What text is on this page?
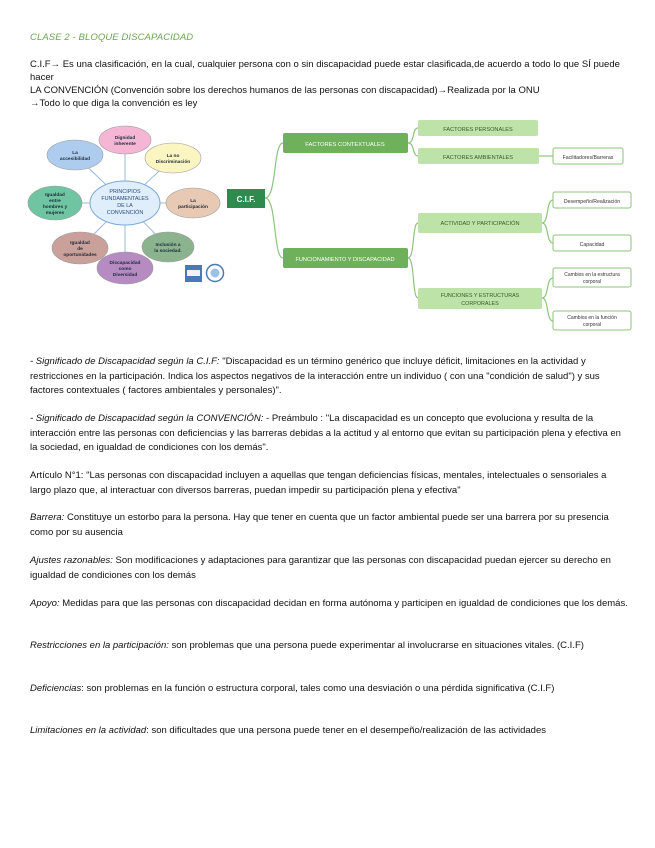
CLASE 2 - BLOQUE DISCAPACIDAD
C.I.F→ Es una clasificación, en la cual, cualquier persona con o sin discapacidad puede estar clasificada,de acuerdo a todo lo que SÍ puede hacer
LA CONVENCIÓN (Convención sobre los derechos humanos de las personas con discapacidad)→Realizada por la ONU
→Todo lo que diga la convención es ley
Dignidad
inherente
La no
Discriminación
La
participación
Inclusión a
la sociedad.
Discapacidad
como
Diversidad
Igualdad
de
oportunidades
Igualdad
entre
hombres y
mujeres
La
accesibilidad
PRINCIPIOS
FUNDAMENTALES
DE LA
CONVENCIÓN
C.I.F.
FACTORES CONTEXTUALES
FACTORES PERSONALES
FACTORES AMBIENTALES	Facilitadores/Barreras
FUNCIONAMIENTO Y DISCAPACIDAD
ACTIVIDAD Y PARTICIPACIÓN
Desempeño/Realización
Capacidad
FUNCIONES Y ESTRUCTURAS
CORPORALES
Cambios en la estructura
corporal
Cambios en la función
corporal
- Significado de Discapacidad según la C.I.F: "Discapacidad es un término genérico que incluye déficit, limitaciones en la actividad y restricciones en la participación. Indica los aspectos negativos de la interacción entre un individuo ( con una "condición de salud") y sus factores contextuales ( factores ambientales y personales)".
- Significado de Discapacidad según la CONVENCIÓN: - Preámbulo : "La discapacidad es un concepto que evoluciona y resulta de la interacción entre las personas con deficiencias y las barreras debidas a la actitud y al entorno que evitan su participación plena y efectiva en la sociedad, en igualdad de condiciones con los demás".
Artículo N°1: "Las personas con discapacidad incluyen a aquellas que tengan deficiencias físicas, mentales, intelectuales o sensoriales a largo plazo que, al interactuar con diversos barreras, puedan impedir su participación plena y efectiva"
Barrera: Constituye un estorbo para la persona. Hay que tener en cuenta que un factor ambiental puede ser una barrera por su presencia como por su ausencia
Ajustes razonables: Son modificaciones y adaptaciones para garantizar que las personas con discapacidad puedan ejercer su derecho en igualdad de condiciones con los demás
Apoyo: Medidas para que las personas con discapacidad decidan en forma autónoma y participen en igualdad de condiciones que los demás.
Restricciones en la participación: son problemas que una persona puede experimentar al involucrarse en situaciones vitales. (C.I.F)
Deficiencias: son problemas en la función o estructura corporal, tales como una desviación o una pérdida significativa (C.I.F)
Limitaciones en la actividad: son dificultades que una persona puede tener en el desempeño/realización de las actividades
